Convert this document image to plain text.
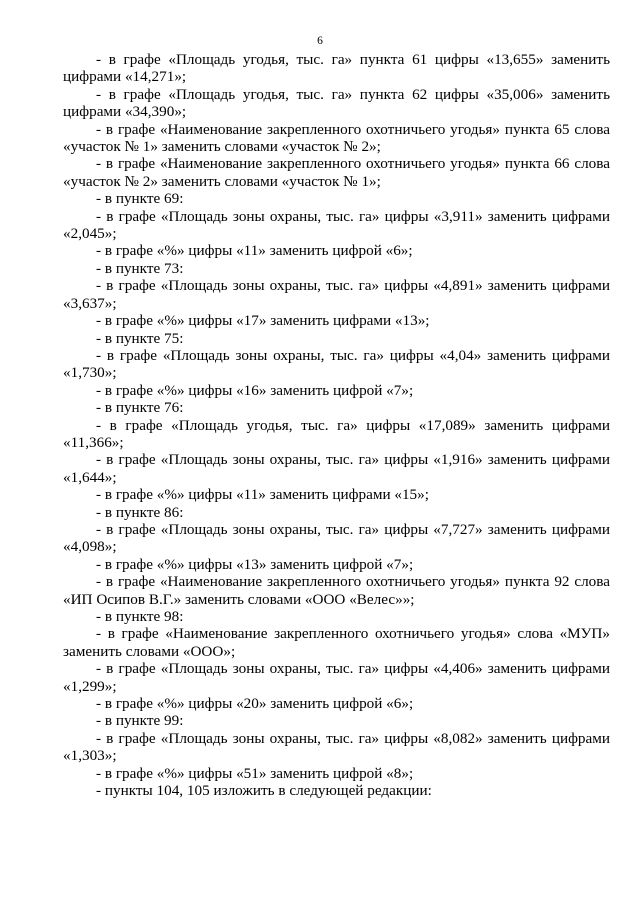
6

- в графе «Площадь угодья, тыс. га» пункта 61 цифры «13,655» заменить

цифрами «14,271»;

- в графе «Площадь угодья, тыс. га» пункта 62 цифры «35,006» заменить

цифрами «34,390»;

- в графе «Наименование закрепленного охотничьего угодья» пункта 65 слова

«участок № 1» заменить словами «участок № 2»;

- в графе «Наименование закрепленного охотничьего угодья» пункта 66 слова

«участок № 2» заменить словами «участок № 1»;

- в пункте 69:

- в графе «Площадь зоны охраны, тыс. га» цифры «3,911» заменить цифрами

«2,045»;

- в графе «%» цифры «11» заменить цифрой «6»;

- в пункте 73:

- в графе «Площадь зоны охраны, тыс. га» цифры «4,891» заменить цифрами

«3,637»;

- в графе «%» цифры «17» заменить цифрами «13»;

- в пункте 75:

- в графе «Площадь зоны охраны, тыс. га» цифры «4,04» заменить цифрами

«1,730»;

- в графе «%» цифры «16» заменить цифрой «7»;

- в пункте 76:

- в графе «Площадь угодья, тыс. га» цифры «17,089» заменить цифрами

«11,366»;

- в графе «Площадь зоны охраны, тыс. га» цифры «1,916» заменить цифрами

«1,644»;

- в графе «%» цифры «11» заменить цифрами «15»;

- в пункте 86:

- в графе «Площадь зоны охраны, тыс. га» цифры «7,727» заменить цифрами

«4,098»;

- в графе «%» цифры «13» заменить цифрой «7»;

- в графе «Наименование закрепленного охотничьего угодья» пункта 92 слова

«ИП Осипов В.Г.» заменить словами «ООО «Велес»»;

- в пункте 98:

- в графе «Наименование закрепленного охотничьего угодья» слова «МУП»

заменить словами «ООО»;

- в графе «Площадь зоны охраны, тыс. га» цифры «4,406» заменить цифрами

«1,299»;

- в графе «%» цифры «20» заменить цифрой «6»;

- в пункте 99:

- в графе «Площадь зоны охраны, тыс. га» цифры «8,082» заменить цифрами

«1,303»;

- в графе «%» цифры «51» заменить цифрой «8»;

- пункты 104, 105 изложить в следующей редакции:
